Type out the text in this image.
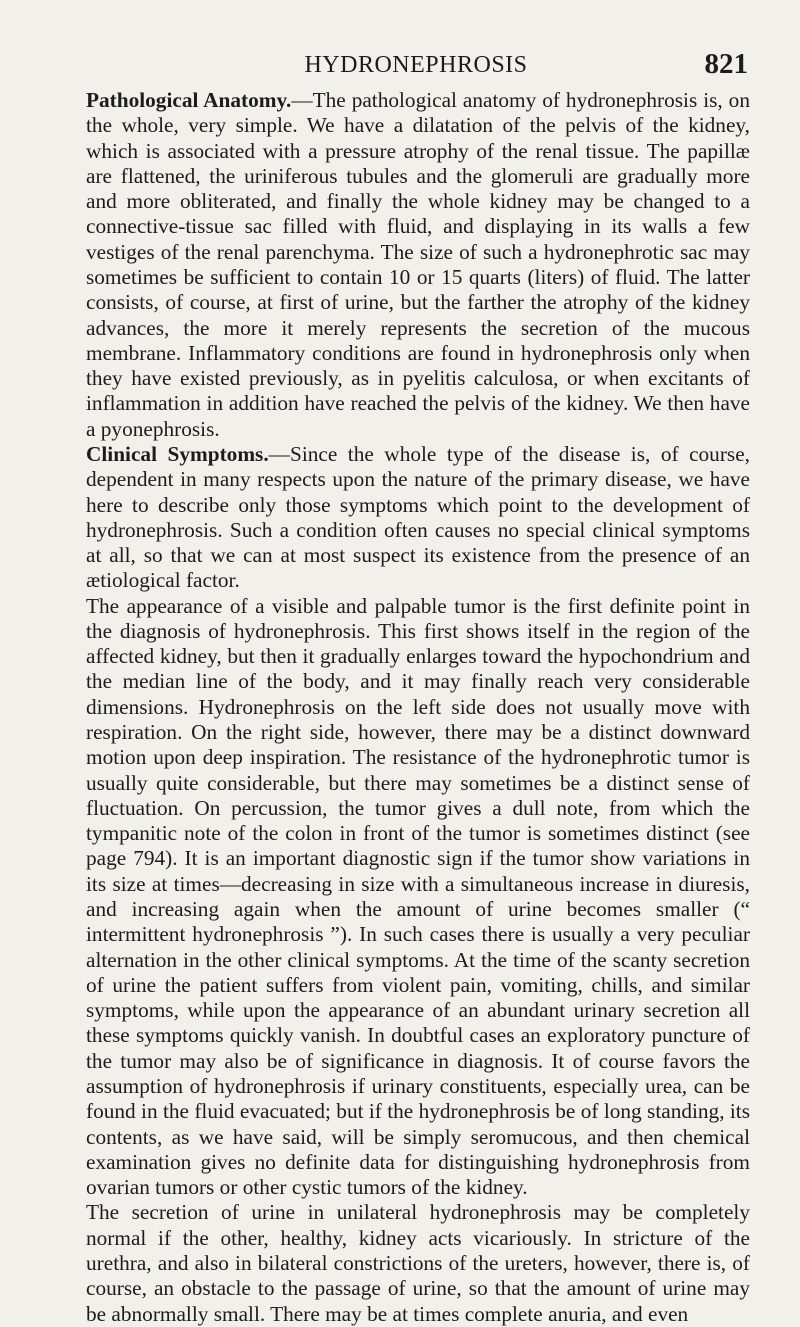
HYDRONEPHROSIS	821

Pathological Anatomy.—The pathological anatomy of hydronephrosis is, on the whole, very simple. We have a dilatation of the pelvis of the kidney, which is associated with a pressure atrophy of the renal tissue. The papillæ are flattened, the uriniferous tubules and the glomeruli are gradually more and more obliterated, and finally the whole kidney may be changed to a connective-tissue sac filled with fluid, and displaying in its walls a few vestiges of the renal parenchyma. The size of such a hydronephrotic sac may sometimes be sufficient to contain 10 or 15 quarts (liters) of fluid. The latter consists, of course, at first of urine, but the farther the atrophy of the kidney advances, the more it merely represents the secretion of the mucous membrane. Inflammatory conditions are found in hydronephrosis only when they have existed previously, as in pyelitis calculosa, or when excitants of inflammation in addition have reached the pelvis of the kidney. We then have a pyonephrosis.

Clinical Symptoms.—Since the whole type of the disease is, of course, dependent in many respects upon the nature of the primary disease, we have here to describe only those symptoms which point to the development of hydronephrosis. Such a condition often causes no special clinical symptoms at all, so that we can at most suspect its existence from the presence of an ætiological factor.

The appearance of a visible and palpable tumor is the first definite point in the diagnosis of hydronephrosis. This first shows itself in the region of the affected kidney, but then it gradually enlarges toward the hypochondrium and the median line of the body, and it may finally reach very considerable dimensions. Hydronephrosis on the left side does not usually move with respiration. On the right side, however, there may be a distinct downward motion upon deep inspiration. The resistance of the hydronephrotic tumor is usually quite considerable, but there may sometimes be a distinct sense of fluctuation. On percussion, the tumor gives a dull note, from which the tympanitic note of the colon in front of the tumor is sometimes distinct (see page 794). It is an important diagnostic sign if the tumor show variations in its size at times—decreasing in size with a simultaneous increase in diuresis, and increasing again when the amount of urine becomes smaller (“ intermittent hydronephrosis ”). In such cases there is usually a very peculiar alternation in the other clinical symptoms. At the time of the scanty secretion of urine the patient suffers from violent pain, vomiting, chills, and similar symptoms, while upon the appearance of an abundant urinary secretion all these symptoms quickly vanish. In doubtful cases an exploratory puncture of the tumor may also be of significance in diagnosis. It of course favors the assumption of hydronephrosis if urinary constituents, especially urea, can be found in the fluid evacuated; but if the hydronephrosis be of long standing, its contents, as we have said, will be simply seromucous, and then chemical examination gives no definite data for distinguishing hydronephrosis from ovarian tumors or other cystic tumors of the kidney.

The secretion of urine in unilateral hydronephrosis may be completely normal if the other, healthy, kidney acts vicariously. In stricture of the urethra, and also in bilateral constrictions of the ureters, however, there is, of course, an obstacle to the passage of urine, so that the amount of urine may be abnormally small. There may be at times complete anuria, and even
